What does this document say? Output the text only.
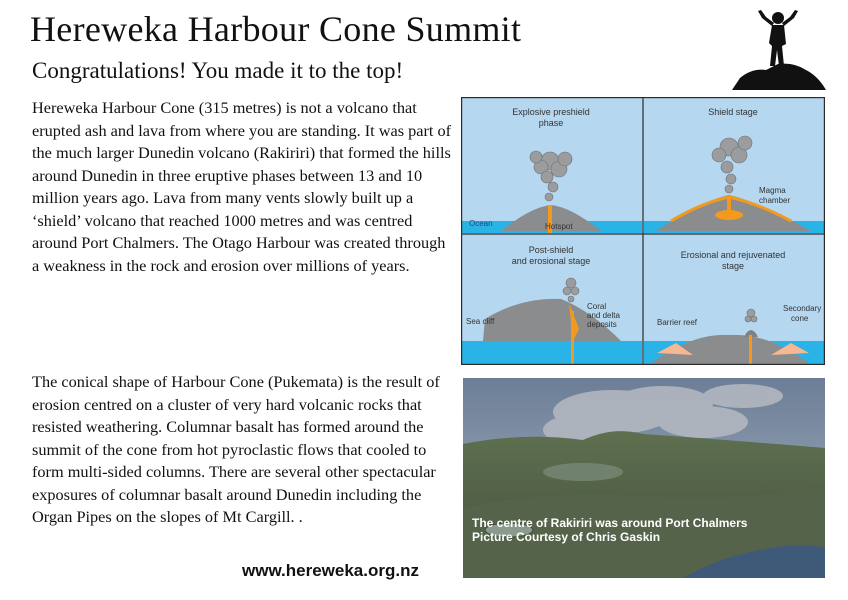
Hereweka Harbour Cone Summit
Congratulations! You made it to the top!

Hereweka Harbour Cone (315 metres) is not a volcano that erupted ash and lava from where you are standing. It was part of the much larger Dunedin volcano (Rakiriri) that formed the hills around Dunedin in three eruptive phases between 13 and 10 million years ago. Lava from many vents slowly built up a ‘shield’ volcano that reached 1000 metres and was centred around Port Chalmers. The Otago Harbour was created through a weakness in the rock and erosion over millions of years.

The conical shape of Harbour Cone (Pukemata) is the result of erosion centred on a cluster of very hard volcanic rocks that resisted weathering. Columnar basalt has formed around the summit of the cone from hot pyroclastic flows that cooled to form multi-sided columns. There are several other spectacular exposures of columnar basalt around Dunedin including the Organ Pipes on the slopes of Mt Cargill. .

Explosive preshield
phase
Ocean	Hotspot
Shield stage
Magma
chamber
Post-shield
and erosional stage
Sea cliff
Coral
and delta
deposits
Erosional and rejuvenated
stage
Barrier reef
Secondary
cone
The centre of Rakiriri was around Port Chalmers
Picture Courtesy of Chris Gaskin
www.hereweka.org.nz
